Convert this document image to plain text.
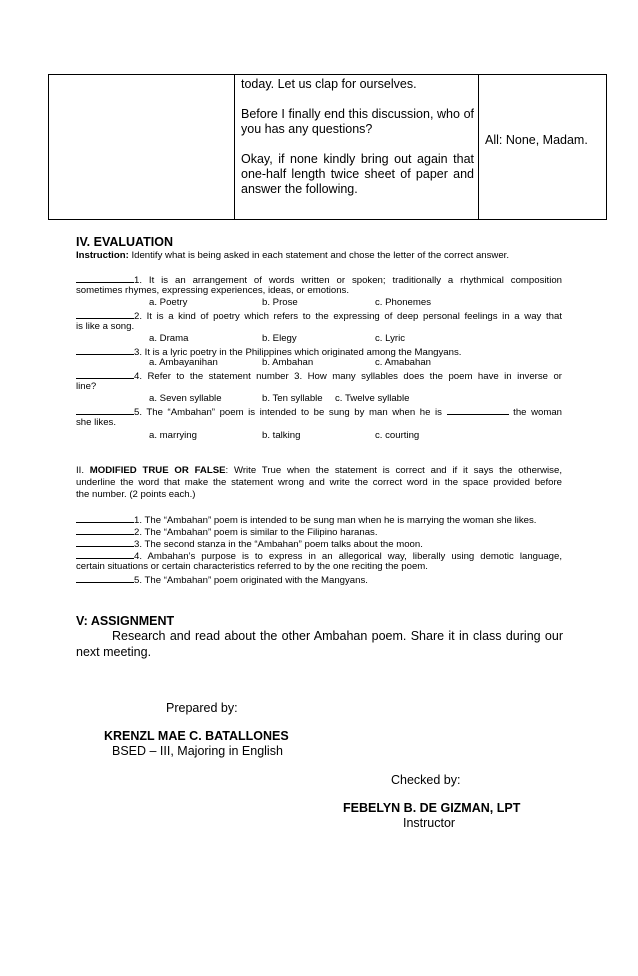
today. Let us clap for ourselves.

Before I finally end this discussion, who of you has any questions?

Okay, if none kindly bring out again that one-half length twice sheet of paper and answer the following.

All: None, Madam.
IV. EVALUATION
Instruction: Identify what is being asked in each statement and chose the letter of the correct answer.
1. It is an arrangement of words written or spoken; traditionally a rhythmical composition
sometimes rhymes, expressing experiences, ideas, or emotions.
a. Poetry	b. Prose	c. Phonemes
2. It is a kind of poetry which refers to the expressing of deep personal feelings in a way that
is like a song.
a. Drama	b. Elegy	c. Lyric
3. It is a lyric poetry in the Philippines which originated among the Mangyans.
a. Ambayanihan	b. Ambahan	c. Amabahan
4. Refer to the statement number 3. How many syllables does the poem have in inverse or
line?
a. Seven syllable	b. Ten syllable c. Twelve syllable
5. The “Ambahan” poem is intended to be sung by man when he is	the woman
she likes.
a. marrying	b. talking	c. courting
II. MODIFIED TRUE OR FALSE: Write True when the statement is correct and if it says the otherwise,
underline the word that make the statement wrong and write the correct word in the space provided before
the number. (2 points each.)
1. The “Ambahan” poem is intended to be sung man when he is marrying the woman she likes.
2. The “Ambahan” poem is similar to the Filipino haranas.
3. The second stanza in the “Ambahan” poem talks about the moon.
4. Ambahan’s purpose is to express in an allegorical way, liberally using demotic language,
certain situations or certain characteristics referred to by the one reciting the poem.
5. The “Ambahan” poem originated with the Mangyans.
V: ASSIGNMENT
Research and read about the other Ambahan poem. Share it in class during our
next meeting.
Prepared by:
KRENZL MAE C. BATALLONES
BSED – III, Majoring in English
Checked by:
FEBELYN B. DE GIZMAN, LPT
Instructor
